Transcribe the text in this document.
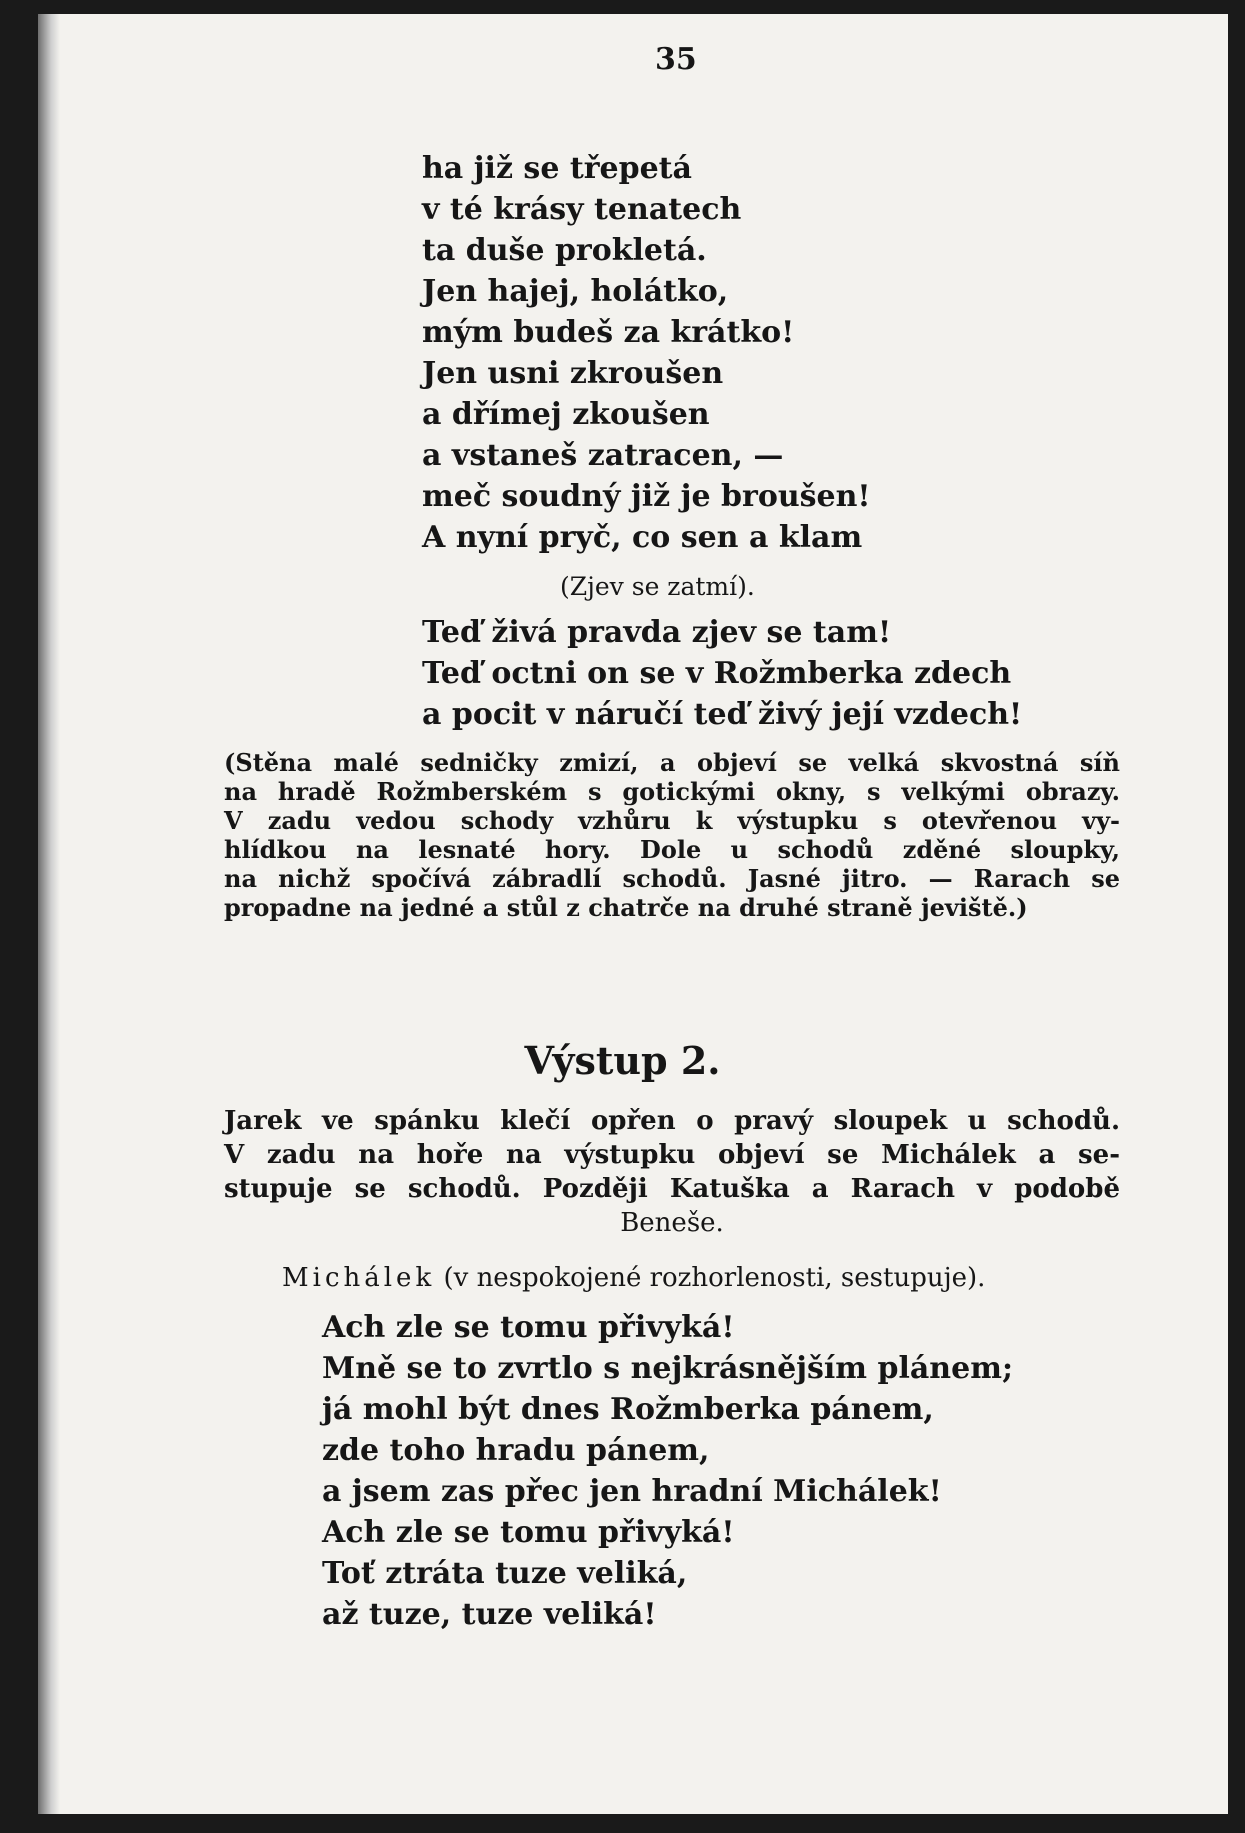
35
ha již se třepetá
v té krásy tenatech
ta duše prokletá.
Jen hajej, holátko,
mým budeš za krátko!
Jen usni zkroušen
a dřímej zkoušen
a vstaneš zatracen, —
meč soudný již je broušen!
A nyní pryč, co sen a klam
(Zjev se zatmí).
Teď živá pravda zjev se tam!
Teď octni on se v Rožmberka zdech
a pocit v náručí teď živý její vzdech!
(Stěna malé sedničky zmizí, a objeví se velká skvostná síň
na hradě Rožmberském s gotickými okny, s velkými obrazy.
V zadu vedou schody vzhůru k výstupku s otevřenou vy-
hlídkou na lesnaté hory. Dole u schodů zděné sloupky,
na nichž spočívá zábradlí schodů. Jasné jitro. — Rarach se
propadne na jedné a stůl z chatrče na druhé straně jeviště.)
Výstup 2.
Jarek ve spánku klečí opřen o pravý sloupek u schodů.
V zadu na hoře na výstupku objeví se Michálek a se-
stupuje se schodů. Později Katuška a Rarach v podobě
Beneše.
Michálek (v nespokojené rozhorlenosti, sestupuje).
Ach zle se tomu přivyká!
Mně se to zvrtlo s nejkrásnějším plánem;
já mohl být dnes Rožmberka pánem,
zde toho hradu pánem,
a jsem zas přec jen hradní Michálek!
Ach zle se tomu přivyká!
Toť ztráta tuze veliká,
až tuze, tuze veliká!
